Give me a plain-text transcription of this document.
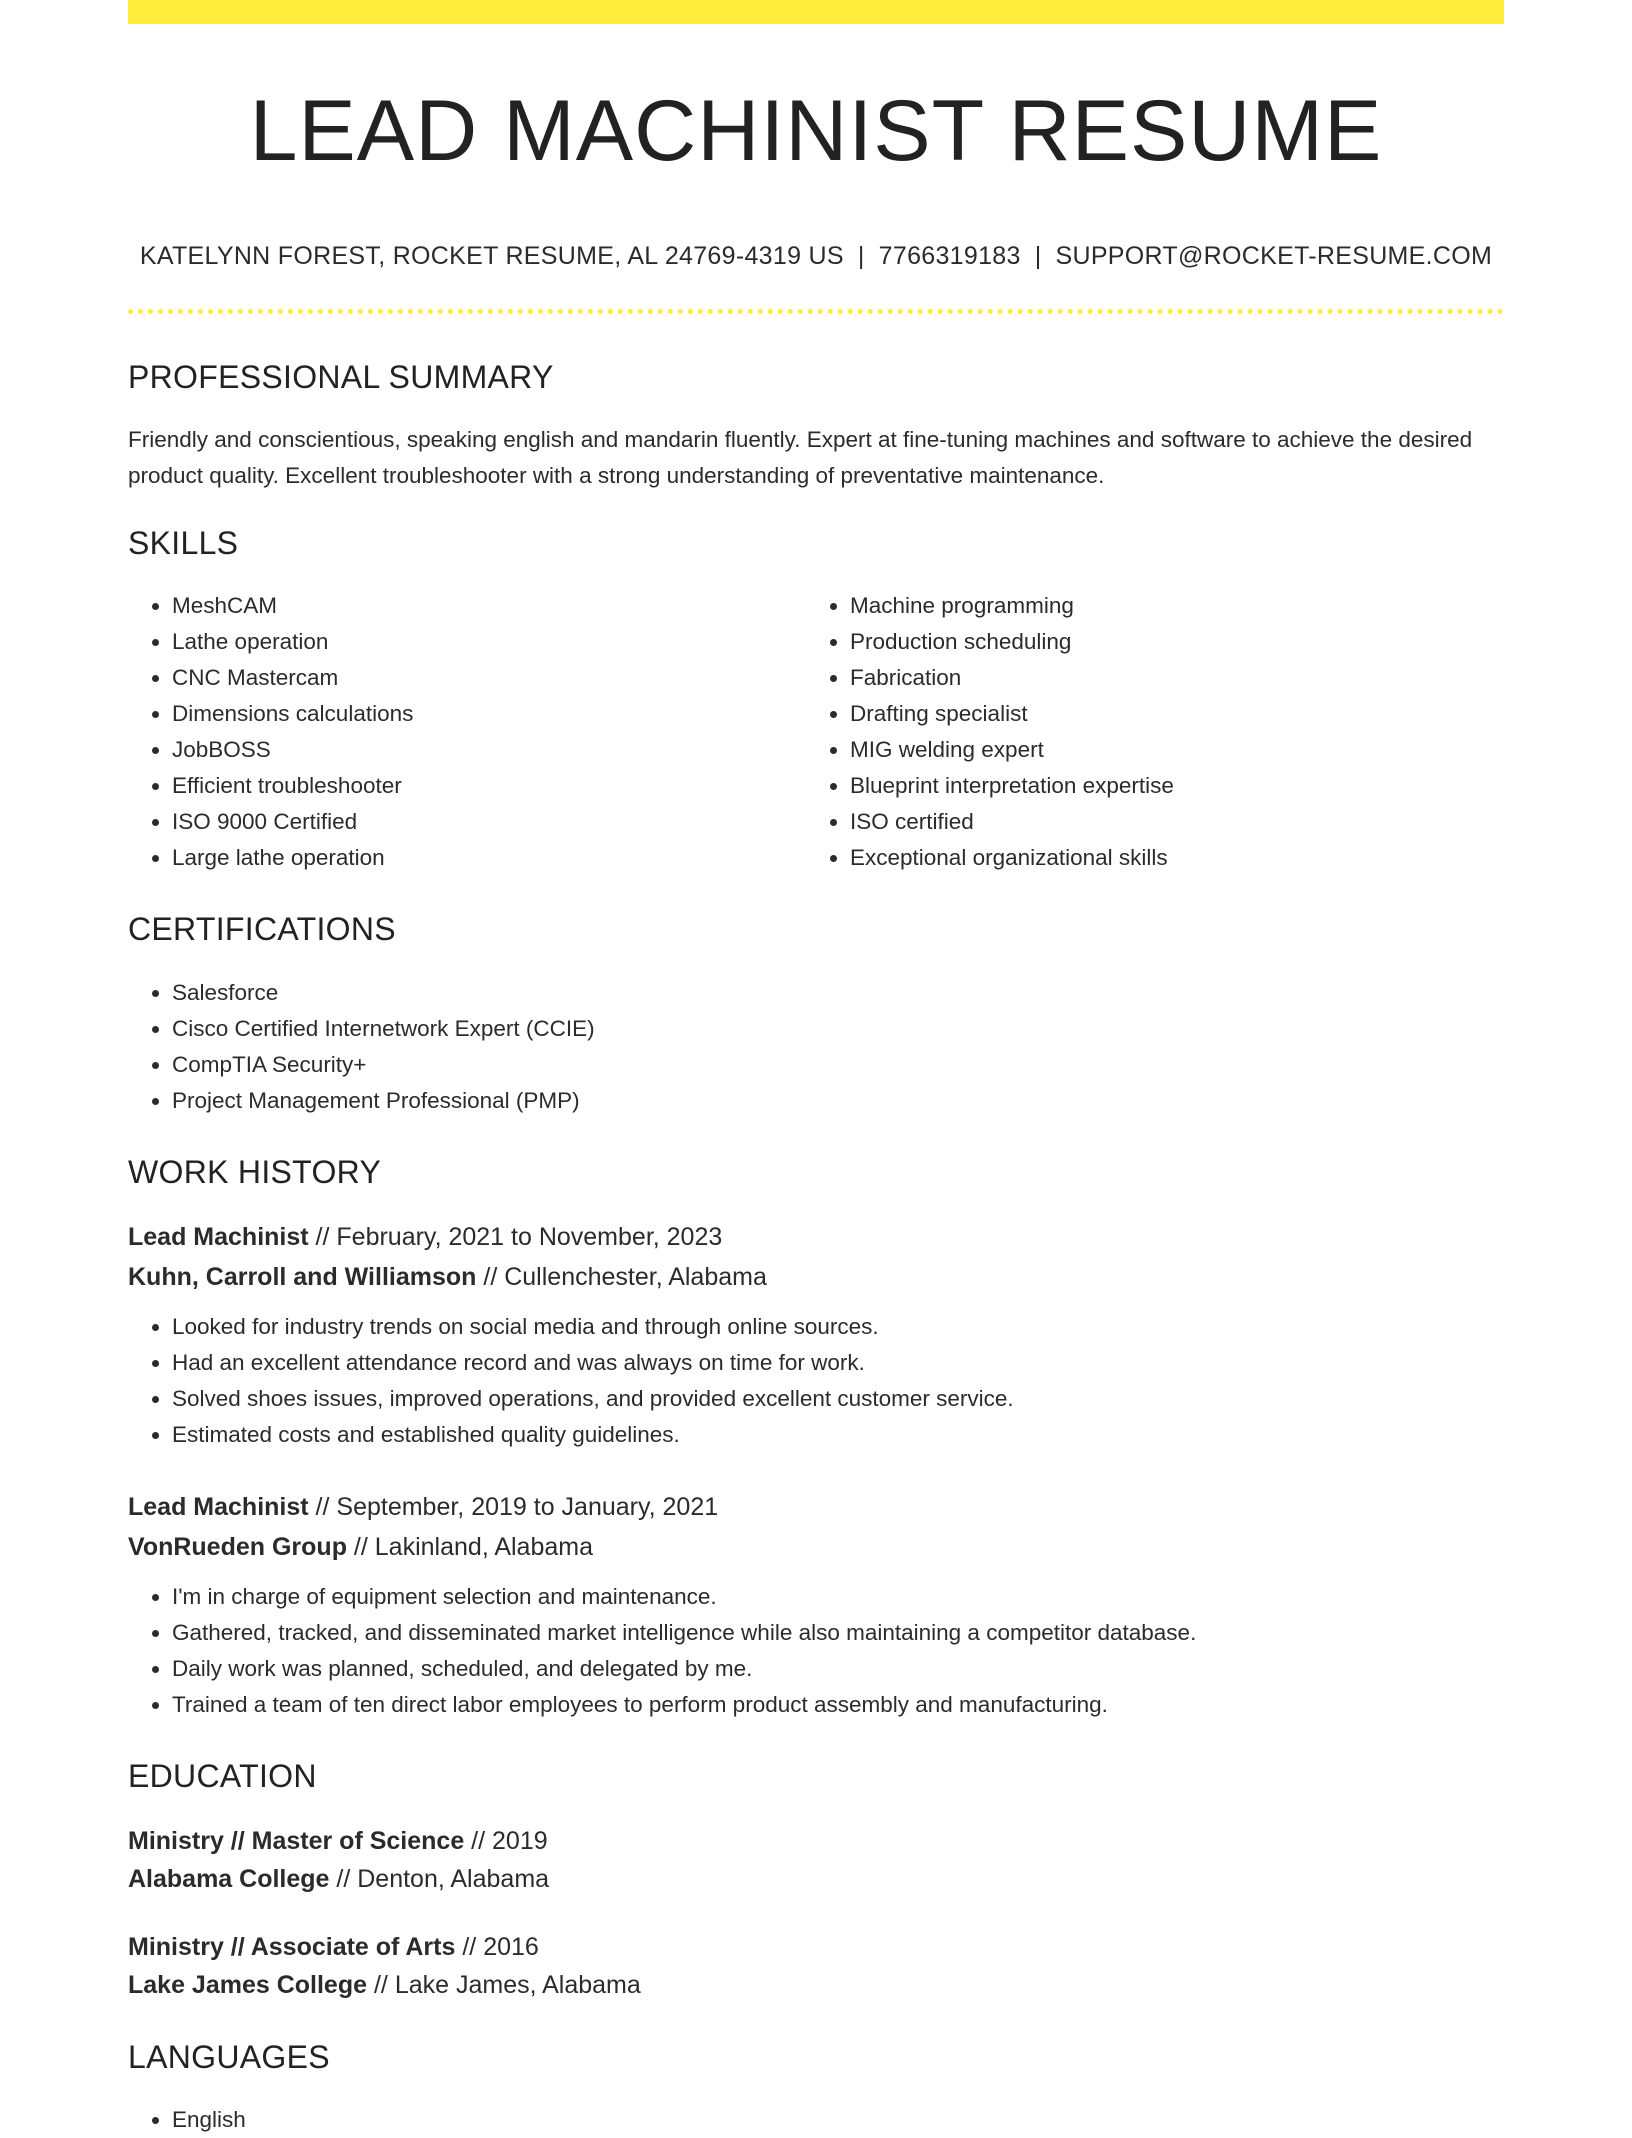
LEAD MACHINIST RESUME
KATELYNN FOREST, ROCKET RESUME, AL 24769-4319 US | 7766319183 | SUPPORT@ROCKET-RESUME.COM
PROFESSIONAL SUMMARY

Friendly and conscientious, speaking english and mandarin fluently. Expert at fine-tuning machines and software to achieve the desired product quality. Excellent troubleshooter with a strong understanding of preventative maintenance.

SKILLS
• MeshCAM
• Lathe operation
• CNC Mastercam
• Dimensions calculations
• JobBOSS
• Efficient troubleshooter
• ISO 9000 Certified
• Large lathe operation
• Machine programming
• Production scheduling
• Fabrication
• Drafting specialist
• MIG welding expert
• Blueprint interpretation expertise
• ISO certified
• Exceptional organizational skills
CERTIFICATIONS
• Salesforce
• Cisco Certified Internetwork Expert (CCIE)
• CompTIA Security+
• Project Management Professional (PMP)
WORK HISTORY
Lead Machinist // February, 2021 to November, 2023
Kuhn, Carroll and Williamson // Cullenchester, Alabama
• Looked for industry trends on social media and through online sources.
• Had an excellent attendance record and was always on time for work.
• Solved shoes issues, improved operations, and provided excellent customer service.
• Estimated costs and established quality guidelines.
Lead Machinist // September, 2019 to January, 2021
VonRueden Group // Lakinland, Alabama
• I'm in charge of equipment selection and maintenance.
• Gathered, tracked, and disseminated market intelligence while also maintaining a competitor database.
• Daily work was planned, scheduled, and delegated by me.
• Trained a team of ten direct labor employees to perform product assembly and manufacturing.
EDUCATION
Ministry // Master of Science // 2019
Alabama College // Denton, Alabama
Ministry // Associate of Arts // 2016
Lake James College // Lake James, Alabama
LANGUAGES
• English
